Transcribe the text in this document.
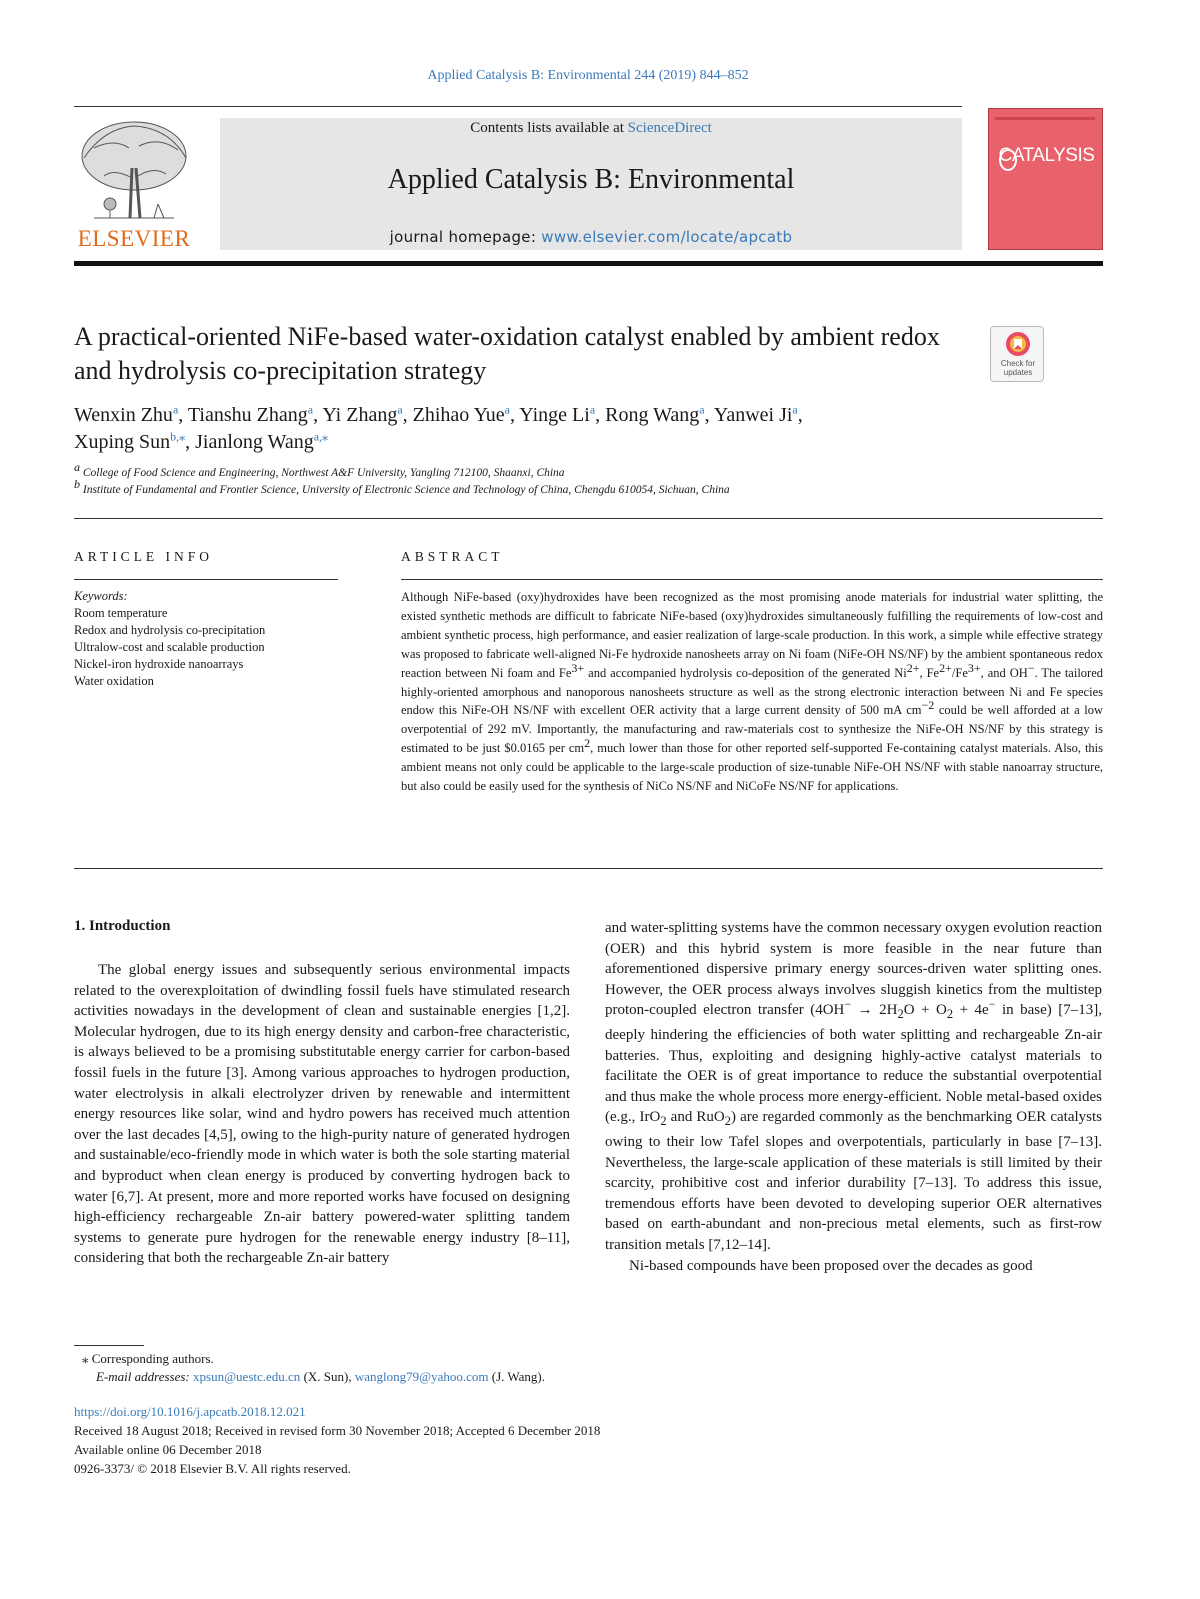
Applied Catalysis B: Environmental 244 (2019) 844–852
ELSEVIER
Contents lists available at ScienceDirect
Applied Catalysis B: Environmental
journal homepage: www.elsevier.com/locate/apcatb
CATALYSIS
A practical-oriented NiFe-based water-oxidation catalyst enabled by ambient redox and hydrolysis co-precipitation strategy	Check for updates
Wenxin Zhu$^a$, Tianshu Zhang$^a$, Yi Zhang$^a$, Zhihao Yue$^a$, Yinge Li$^a$, Rong Wang$^a$, Yanwei Ji$^a$,
Xuping Sun$^{b,⁎}$, Jianlong Wang$^{a,⁎}$
$^a$ College of Food Science and Engineering, Northwest A&F University, Yangling 712100, Shaanxi, China
$^b$ Institute of Fundamental and Frontier Science, University of Electronic Science and Technology of China, Chengdu 610054, Sichuan, China
ARTICLE INFO
Keywords:
Room temperature
Redox and hydrolysis co-precipitation
Ultralow-cost and scalable production
Nickel-iron hydroxide nanoarrays
Water oxidation
ABSTRACT
Although NiFe-based (oxy)hydroxides have been recognized as the most promising anode materials for industrial water splitting, the existed synthetic methods are difficult to fabricate NiFe-based (oxy)hydroxides simultaneously fulfilling the requirements of low-cost and ambient synthetic process, high performance, and easier realization of large-scale production. In this work, a simple while effective strategy was proposed to fabricate well-aligned Ni-Fe hydroxide nanosheets array on Ni foam (NiFe-OH NS/NF) by the ambient spontaneous redox reaction between Ni foam and $Fe^{3+}$ and accompanied hydrolysis co-deposition of the generated $Ni^{2+}$, $Fe^{2+}/Fe^{3+}$, and OH−. The tailored highly-oriented amorphous and nanoporous nanosheets structure as well as the strong electronic interaction between Ni and Fe species endow this NiFe-OH NS/NF with excellent OER activity that a large current density of 500 mA $cm^{-2}$ could be well afforded at a low overpotential of 292 mV. Importantly, the manufacturing and raw-materials cost to synthesize the NiFe-OH NS/NF by this strategy is estimated to be just $0.0165 per $cm^2$, much lower than those for other reported self-supported Fe-containing catalyst materials. Also, this ambient means not only could be applicable to the large-scale production of size-tunable NiFe-OH NS/NF with stable nanoarray structure, but also could be easily used for the synthesis of NiCo NS/NF and NiCoFe NS/NF for applications.
1. Introduction
The global energy issues and subsequently serious environmental impacts related to the overexploitation of dwindling fossil fuels have stimulated research activities nowadays in the development of clean and sustainable energies [1,2]. Molecular hydrogen, due to its high energy density and carbon-free characteristic, is always believed to be a promising substitutable energy carrier for carbon-based fossil fuels in the future [3]. Among various approaches to hydrogen production, water electrolysis in alkali electrolyzer driven by renewable and intermittent energy resources like solar, wind and hydro powers has received much attention over the last decades [4,5], owing to the high-purity nature of generated hydrogen and sustainable/eco-friendly mode in which water is both the sole starting material and byproduct when clean energy is produced by converting hydrogen back to water [6,7]. At present, more and more reported works have focused on designing high-efficiency rechargeable Zn-air battery powered-water splitting tandem systems to generate pure hydrogen for the renewable energy industry [8–11], considering that both the rechargeable Zn-air battery
and water-splitting systems have the common necessary oxygen evolution reaction (OER) and this hybrid system is more feasible in the near future than aforementioned dispersive primary energy sources-driven water splitting ones. However, the OER process always involves sluggish kinetics from the multistep proton-coupled electron transfer ($4OH^- \to 2H_2O + O_2 + 4e^-$ in base) [7–13], deeply hindering the efficiencies of both water splitting and rechargeable Zn-air batteries. Thus, exploiting and designing highly-active catalyst materials to facilitate the OER is of great importance to reduce the substantial overpotential and thus make the whole process more energy-efficient. Noble metal-based oxides (e.g., IrO$_2$ and RuO$_2$) are regarded commonly as the benchmarking OER catalysts owing to their low Tafel slopes and overpotentials, particularly in base [7–13]. Nevertheless, the large-scale application of these materials is still limited by their scarcity, prohibitive cost and inferior durability [7–13]. To address this issue, tremendous efforts have been devoted to developing superior OER alternatives based on earth-abundant and non-precious metal elements, such as first-row transition metals [7,12–14].
Ni-based compounds have been proposed over the decades as good
⁎ Corresponding authors.
E-mail addresses: xpsun@uestc.edu.cn (X. Sun), wanglong79@yahoo.com (J. Wang).
https://doi.org/10.1016/j.apcatb.2018.12.021
Received 18 August 2018; Received in revised form 30 November 2018; Accepted 6 December 2018
Available online 06 December 2018
0926-3373/ © 2018 Elsevier B.V. All rights reserved.
